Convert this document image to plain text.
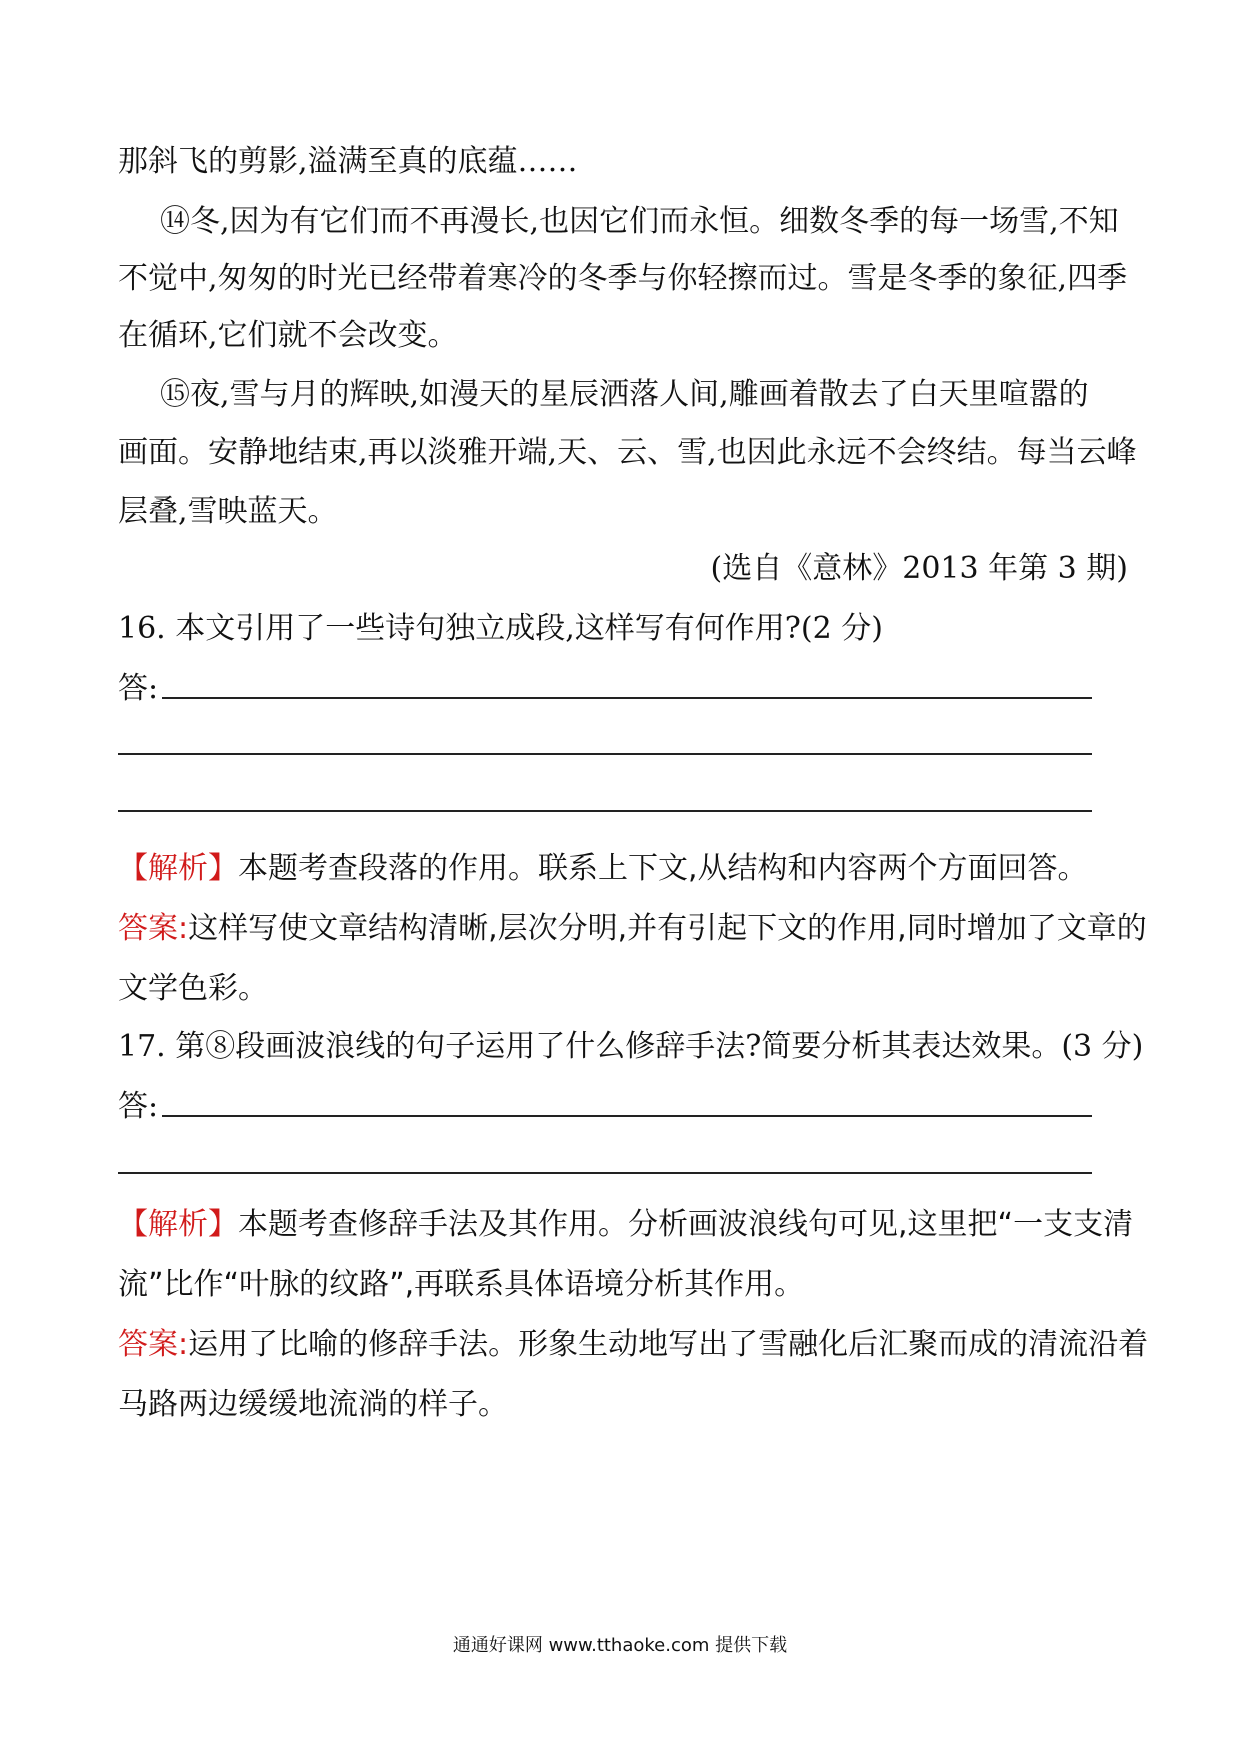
那斜飞的剪影,溢满至真的底蕴……
⑭冬,因为有它们而不再漫长,也因它们而永恒。细数冬季的每一场雪,不知
不觉中,匆匆的时光已经带着寒冷的冬季与你轻擦而过。雪是冬季的象征,四季
在循环,它们就不会改变。
⑮夜,雪与月的辉映,如漫天的星辰洒落人间,雕画着散去了白天里喧嚣的
画面。安静地结束,再以淡雅开端,天、云、雪,也因此永远不会终结。每当云峰
层叠,雪映蓝天。
(选自《意林》2013 年第 3 期)
16. 本文引用了一些诗句独立成段,这样写有何作用?(2 分)
答:
【解析】本题考查段落的作用。联系上下文,从结构和内容两个方面回答。
答案:这样写使文章结构清晰,层次分明,并有引起下文的作用,同时增加了文章的
文学色彩。
17. 第⑧段画波浪线的句子运用了什么修辞手法?简要分析其表达效果。(3 分)
答:
【解析】本题考查修辞手法及其作用。分析画波浪线句可见,这里把“一支支清
流”比作“叶脉的纹路”,再联系具体语境分析其作用。
答案:运用了比喻的修辞手法。形象生动地写出了雪融化后汇聚而成的清流沿着
马路两边缓缓地流淌的样子。
通通好课网 www.tthaoke.com 提供下载
